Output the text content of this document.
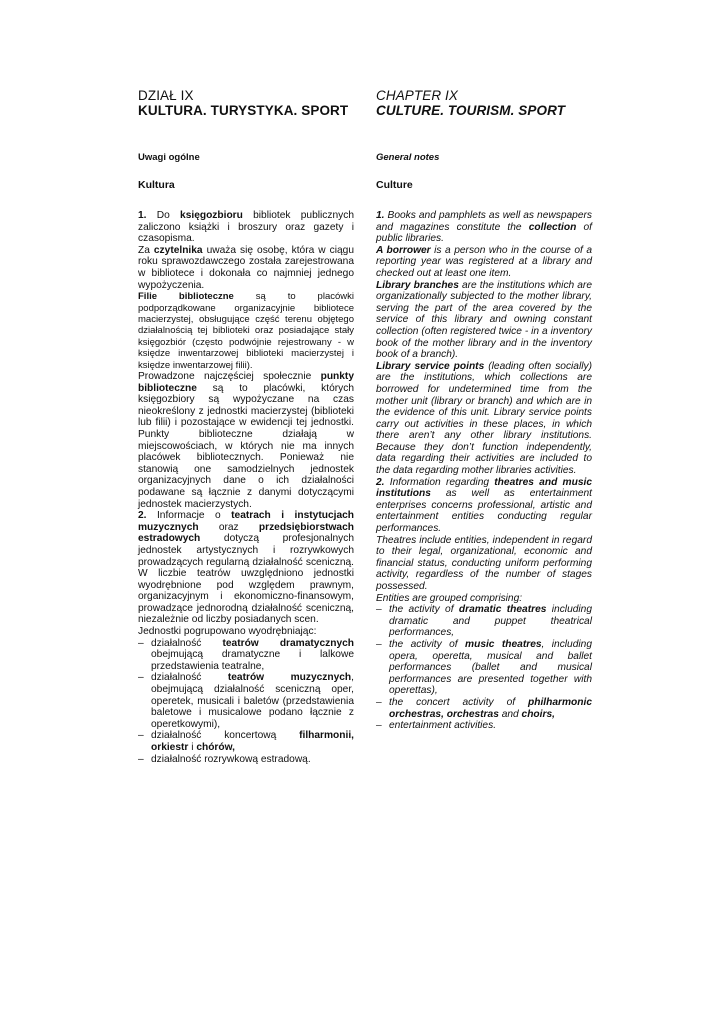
DZIAŁ IX
KULTURA. TURYSTYKA. SPORT
Uwagi ogólne
Kultura

1. Do księgozbioru bibliotek publicznych zaliczono książki i broszury oraz gazety i czasopisma.

Za czytelnika uważa się osobę, która w ciągu roku sprawozdawczego została zarejestrowana w bibliotece i dokonała co najmniej jednego wypożyczenia.

Filie biblioteczne są to placówki podporządkowane organizacyjnie bibliotece macierzystej, obsługujące część terenu objętego działalnością tej biblioteki oraz posiadające stały księgozbiór (często podwójnie rejestrowany - w księdze inwentarzowej biblioteki macierzystej i księdze inwentarzowej filii).

Prowadzone najczęściej społecznie punkty biblioteczne są to placówki, których księgozbiory są wypożyczane na czas nieokreślony z jednostki macierzystej (biblioteki lub filii) i pozostające w ewidencji tej jednostki. Punkty biblioteczne działają w miejscowościach, w których nie ma innych placówek bibliotecznych. Ponieważ nie stanowią one samodzielnych jednostek organizacyjnych dane o ich działalności podawane są łącznie z danymi dotyczącymi jednostek macierzystych.

2. Informacje o teatrach i instytucjach muzycznych oraz przedsiębiorstwach estradowych dotyczą profesjonalnych jednostek artystycznych i rozrywkowych prowadzących regularną działalność sceniczną. W liczbie teatrów uwzględniono jednostki wyodrębnione pod względem prawnym, organizacyjnym i ekonomiczno-finansowym, prowadzące jednorodną działalność sceniczną, niezależnie od liczby posiadanych scen.

Jednostki pogrupowano wyodrębniając:

– działalność teatrów dramatycznych obejmującą dramatyczne i lalkowe przedstawienia teatralne,
– działalność teatrów muzycznych, obejmującą działalność sceniczną oper, operetek, musicali i baletów (przedstawienia baletowe i musicalowe podano łącznie z operetkowymi),
– działalność koncertową filharmonii, orkiestr i chórów,
– działalność rozrywkową estradową.
CHAPTER IX
CULTURE. TOURISM. SPORT
General notes
Culture

1. Books and pamphlets as well as newspapers and magazines constitute the collection of public libraries.

A borrower is a person who in the course of a reporting year was registered at a library and checked out at least one item.

Library branches are the institutions which are organizationally subjected to the mother library, serving the part of the area covered by the service of this library and owning constant collection (often registered twice - in a inventory book of the mother library and in the inventory book of a branch).

Library service points (leading often socially) are the institutions, which collections are borrowed for undetermined time from the mother unit (library or branch) and which are in the evidence of this unit. Library service points carry out activities in these places, in which there aren’t any other library institutions. Because they don’t function independently, data regarding their activities are included to the data regarding mother libraries activities.

2. Information regarding theatres and music institutions as well as entertainment enterprises concerns professional, artistic and entertainment entities conducting regular performances.

Theatres include entities, independent in regard to their legal, organizational, economic and financial status, conducting uniform performing activity, regardless of the number of stages possessed.

Entities are grouped comprising:

– the activity of dramatic theatres including dramatic and puppet theatrical performances,
– the activity of music theatres, including opera, operetta, musical and ballet performances (ballet and musical performances are presented together with operettas),
– the concert activity of philharmonic orchestras, orchestras and choirs,
– entertainment activities.
